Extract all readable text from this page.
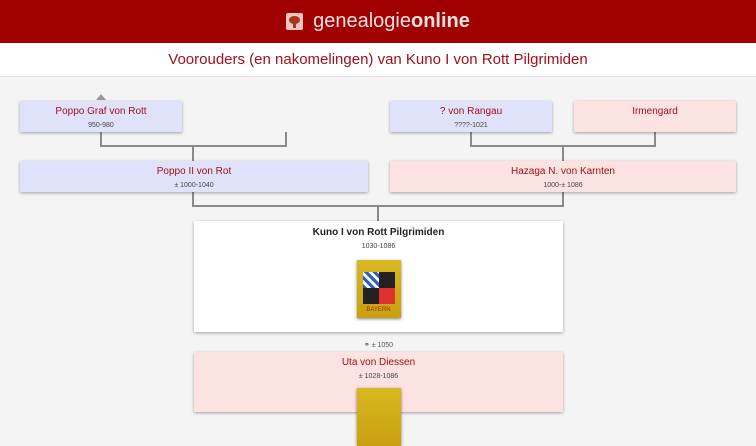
genealogieonline
Voorouders (en nakomelingen) van Kuno I von Rott Pilgrimiden
Poppo Graf von Rott
950-980
? von Rangau
????-1021
Irmengard
Poppo II von Rot
± 1000-1040
Hazaga N. von Karnten
1000-± 1086
Kuno I von Rott Pilgrimiden
1030-1086
BAYERN
⚭ ± 1050
Uta von Diessen
± 1028-1086
